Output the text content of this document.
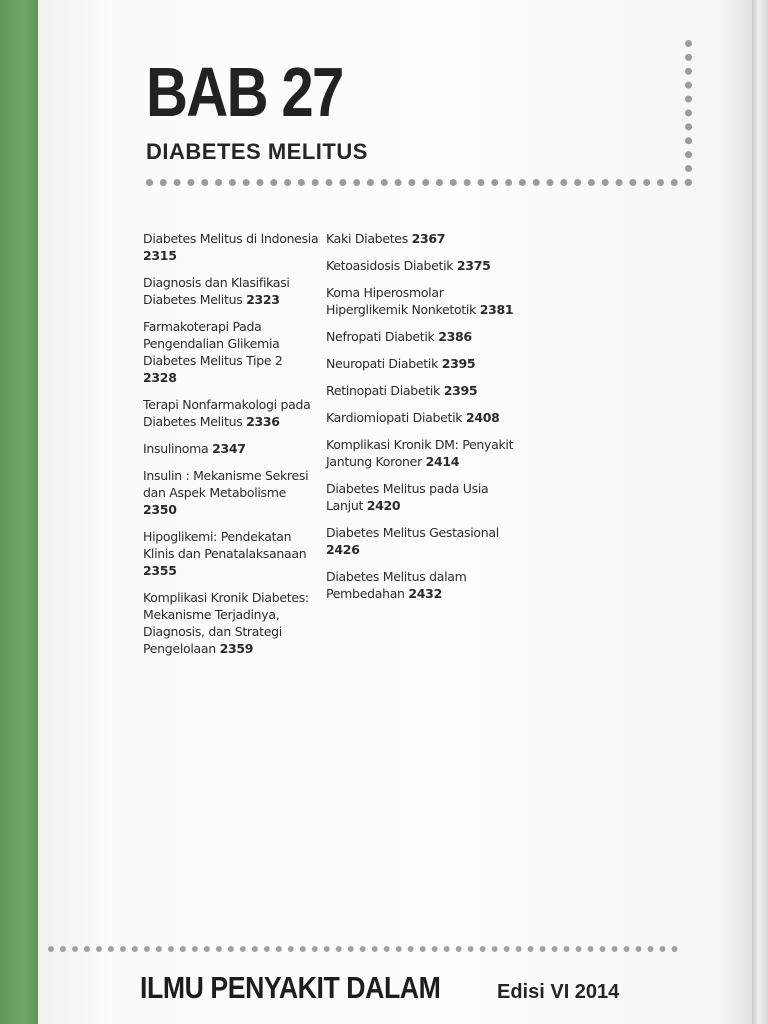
BAB 27
DIABETES MELITUS
Diabetes Melitus di Indonesia 2315
Diagnosis dan Klasifikasi Diabetes Melitus 2323
Farmakoterapi Pada Pengendalian Glikemia Diabetes Melitus Tipe 2 2328
Terapi Nonfarmakologi pada Diabetes Melitus 2336
Insulinoma 2347
Insulin : Mekanisme Sekresi dan Aspek Metabolisme 2350
Hipoglikemi: Pendekatan Klinis dan Penatalaksanaan 2355
Komplikasi Kronik Diabetes: Mekanisme Terjadinya, Diagnosis, dan Strategi Pengelolaan 2359
Kaki Diabetes 2367
Ketoasidosis Diabetik 2375
Koma Hiperosmolar Hiperglikemik Nonketotik 2381
Nefropati Diabetik 2386
Neuropati Diabetik 2395
Retinopati Diabetik 2395
Kardiomiopati Diabetik 2408
Komplikasi Kronik DM: Penyakit Jantung Koroner 2414
Diabetes Melitus pada Usia Lanjut 2420
Diabetes Melitus Gestasional 2426
Diabetes Melitus dalam Pembedahan 2432

ILMU PENYAKIT DALAM	Edisi VI 2014
